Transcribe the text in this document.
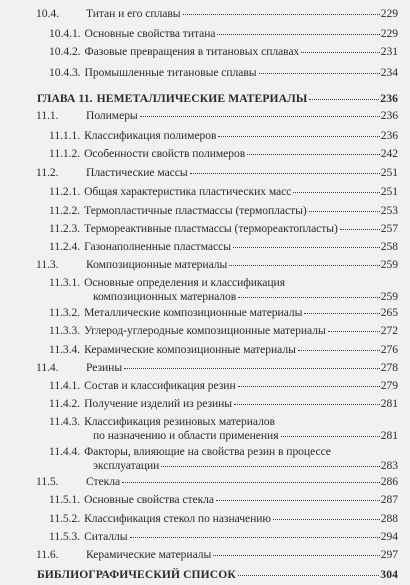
10.4.	Титан и его сплавы	229
10.4.1. Основные свойства титана	229
10.4.2. Фазовые превращения в титановых сплавах	231
10.4.3. Промышленные титановые сплавы	234
ГЛАВА 11. НЕМЕТАЛЛИЧЕСКИЕ МАТЕРИАЛЫ	236
11.1.	Полимеры	236
11.1.1. Классификация полимеров	236
11.1.2. Особенности свойств полимеров	242
11.2.	Пластические массы	251
11.2.1. Общая характеристика пластических масс	251
11.2.2. Термопластичные пластмассы (термопласты)	253
11.2.3. Термореактивные пластмассы (термореактопласты)	257
11.2.4. Газонаполненные пластмассы	258
11.3.	Композиционные материалы	259
11.3.1. Основные определения и классификация
композиционных материалов	259
11.3.2. Металлические композиционные материалы	265
11.3.3. Углерод-углеродные композиционные материалы	272
11.3.4. Керамические композиционные материалы	276
11.4.	Резины	278
11.4.1. Состав и классификация резин	279
11.4.2. Получение изделий из резины	281
11.4.3. Классификация резиновых материалов
по назначению и области применения	281
11.4.4. Факторы, влияющие на свойства резин в процессе
эксплуатации	283
11.5.	Стекла	286
11.5.1. Основные свойства стекла	287
11.5.2. Классификация стекол по назначению	288
11.5.3. Ситаллы	294
11.6.	Керамические материалы	297
БИБЛИОГРАФИЧЕСКИЙ СПИСОК	304
